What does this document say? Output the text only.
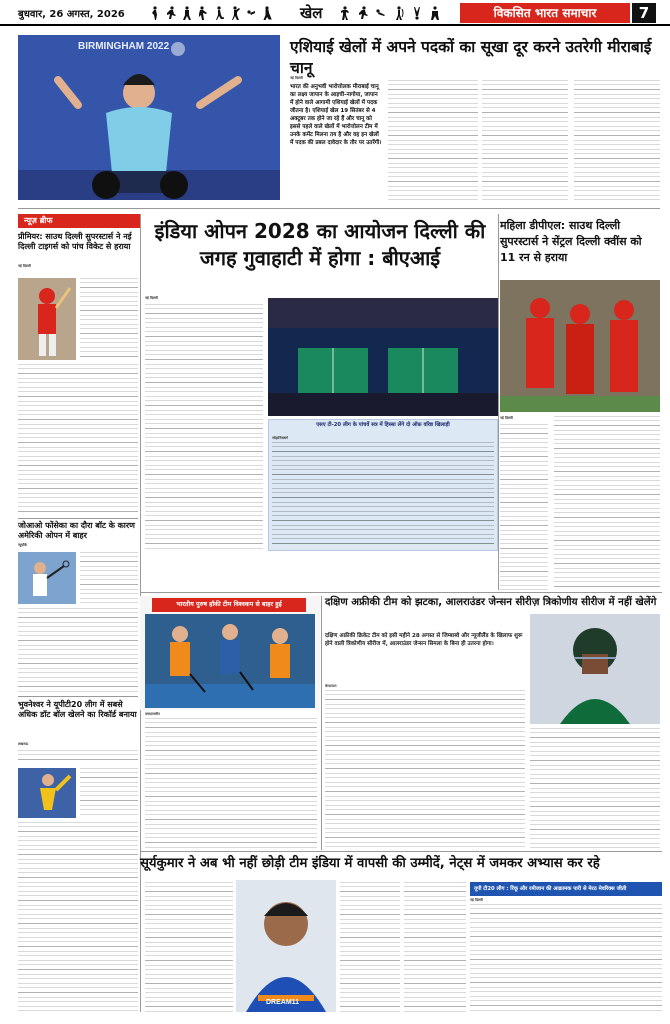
बुधवार, 26 अगस्त, 2026	खेल	विकसित भारत समाचार	7
BIRMINGHAM 2022	एशियाई खेलों में अपने पदकों का सूखा दूर करने उतरेगी मीराबाई चानू
भारत की अनुभवी भारोत्तोलक मीराबाई चानू का लक्ष्य जापान के आइची-नागोया, जापान में होने वाले आगामी एशियाई खेलों में पदक जीतना है। एशियाई खेल 19 सितंबर से 4 अक्टूबर तक होने जा रहे हैं और चानू को इससे पहले वाले खेलों में भारोत्तोलन टीम में उनके कमेंट मिलना तय है और वह इन खेलों में पदक की प्रबल दावेदार के तौर पर उतरेंगी।
नई दिल्ली
न्यूज़ ब्रीफ
प्रीमियर: साउथ दिल्ली सुपरस्टार्स ने नई दिल्ली टाइगर्स को पांच विकेट से हराया
नई दिल्ली
जोआओ फोंसेका का दौरा बॉट के कारण अमेरिकी ओपन में बाहर
न्यूयॉर्क
भुवनेश्वर ने यूपीटी20 लीग में सबसे अधिक डॉट बॉल खेलने का रिकॉर्ड बनाया
लखनऊ
इंडिया ओपन 2028 का आयोजन दिल्ली की जगह गुवाहाटी में होगा : बीएआई
नई दिल्ली
एसए टी-20 लीग के पांचवें सत्र में हिस्सा लेंगे दो ऑफ़ वरिष्ठ खिलाड़ी
जोहानिसबर्ग
महिला डीपीएल: साउथ दिल्ली सुपरस्टार्स ने सेंट्रल दिल्ली क्वींस को 11 रन से हराया
नई दिल्ली
भारतीय पुरुष हॉकी टीम विश्वकप से बाहर हुई
एम्सटलवीन
दक्षिण अफ्रीकी टीम को झटका, आलराउंडर जेन्सन सीरीज़ त्रिकोणीय सीरीज में नहीं खेलेंगे
दक्षिण अफ्रीकी क्रिकेट टीम को इसी महीने 28 अगस्त से जिम्बाब्वे और न्यूजीलैंड के खिलाफ शुरू होने वाली त्रिकोणीय सीरीज में, आलराउंडर जेन्सन सिमला के बिना ही उतरना होगा।
केपटाउन
सूर्यकुमार ने अब भी नहीं छोड़ी टीम इंडिया में वापसी की उम्मीदें, नेट्स में जमकर अभ्यास कर रहे
DREAM11
यूपी टी20 लीग : रिंकू और रमीजान की आक्रामक पारी से मेरठ मेवरिक्स जीती
नई दिल्ली
